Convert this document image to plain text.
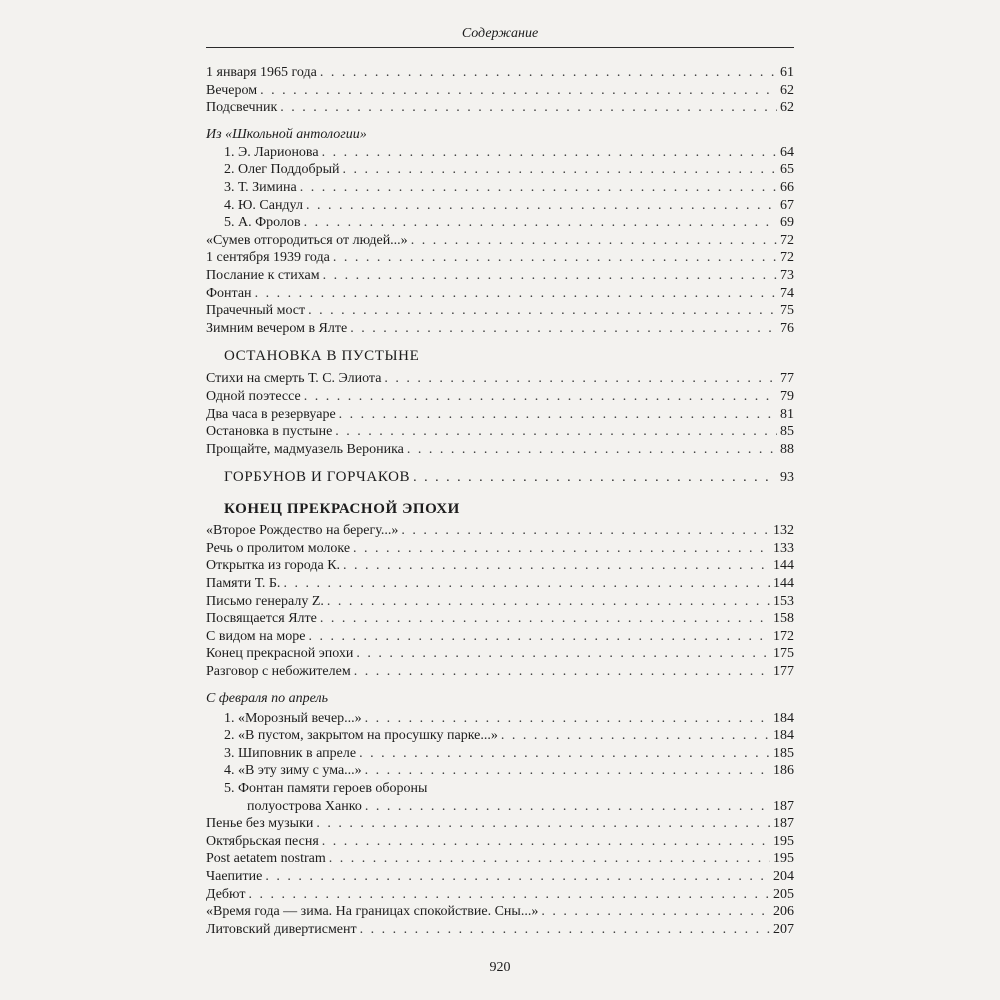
Содержание
1 января 1965 года . . .	61
Вечером . . .	62
Подсвечник . . .	62
Из «Школьной антологии»
1. Э. Ларионова . . .	64
2. Олег Поддобрый . . .	65
3. Т. Зимина . . .	66
4. Ю. Сандул . . .	67
5. А. Фролов . . .	69
«Сумев отгородиться от людей...» . . .	72
1 сентября 1939 года . . .	72
Послание к стихам . . .	73
Фонтан . . .	74
Прачечный мост . . .	75
Зимним вечером в Ялте . . .	76
ОСТАНОВКА В ПУСТЫНЕ
Стихи на смерть Т. С. Элиота . . .	77
Одной поэтессе . . .	79
Два часа в резервуаре . . .	81
Остановка в пустыне . . .	85
Прощайте, мадмуазель Вероника . . .	88
ГОРБУНОВ И ГОРЧАКОВ . . .	93
КОНЕЦ ПРЕКРАСНОЙ ЭПОХИ
«Второе Рождество на берегу...» . . .	132
Речь о пролитом молоке . . .	133
Открытка из города К. . . .	144
Памяти Т. Б. . . .	144
Письмо генералу Z. . . .	153
Посвящается Ялте . . .	158
С видом на море . . .	172
Конец прекрасной эпохи . . .	175
Разговор с небожителем . . .	177
С февраля по апрель
1. «Морозный вечер...» . . .	184
2. «В пустом, закрытом на просушку парке...» . . .	184
3. Шиповник в апреле . . .	185
4. «В эту зиму с ума...» . . .	186
5. Фонтан памяти героев обороны
полуострова Ханко . . .	187
Пенье без музыки . . .	187
Октябрьская песня . . .	195
Post aetatem nostram . . .	195
Чаепитие . . .	204
Дебют . . .	205
«Время года — зима. На границах спокойствие. Сны...» . . .	206
Литовский дивертисмент . . .	207
920
